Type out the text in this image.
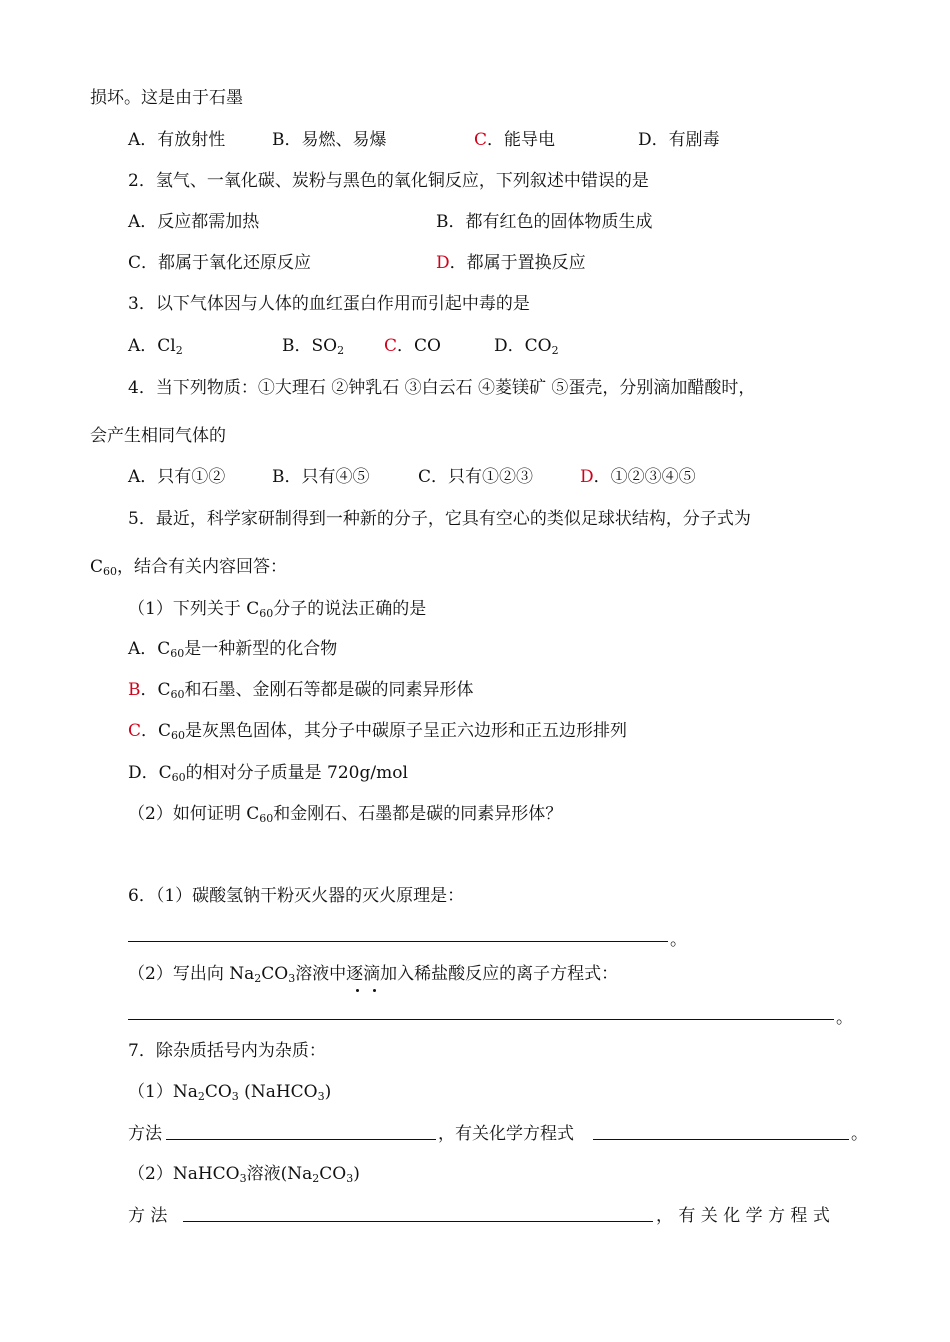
损坏。这是由于石墨
A．有放射性	B．易燃、易爆	C．能导电	D．有剧毒
2．氢气、一氧化碳、炭粉与黑色的氧化铜反应，下列叙述中错误的是
A．反应都需加热	B．都有红色的固体物质生成
C．都属于氧化还原反应	D．都属于置换反应
3．以下气体因与人体的血红蛋白作用而引起中毒的是
A．$Cl_2$	B．$SO_2$ C．CO	D．$CO_2$
4．当下列物质：①大理石 ②钟乳石 ③白云石 ④菱镁矿 ⑤蛋壳，分别滴加醋酸时，
会产生相同气体的
A．只有①②	B．只有④⑤	C．只有①②③	D．①②③④⑤
5．最近，科学家研制得到一种新的分子，它具有空心的类似足球状结构，分子式为
$C_{60}$，结合有关内容回答：
（1）下列关于 $C_{60}$分子的说法正确的是
A．$C_{60}$是一种新型的化合物
B．$C_{60}$和石墨、金刚石等都是碳的同素异形体
C．$C_{60}$是灰黑色固体，其分子中碳原子呈正六边形和正五边形排列
D．$C_{60}$的相对分子质量是 720g/mol
（2）如何证明 $C_{60}$和金刚石、石墨都是碳的同素异形体？
6．（1）碳酸氢钠干粉灭火器的灭火原理是：
。
（2）写出向 $Na_2CO_3$溶液中逐滴加入稀盐酸反应的离子方程式：
。
7．除杂质括号内为杂质：
$(1)Na_2CO_3$ (NaHCO$_3$)
方法	，有关化学方程式	。
（2）NaHCO$_3$溶液$(Na_2CO_3)$
方 法	， 有 关 化 学 方 程 式
